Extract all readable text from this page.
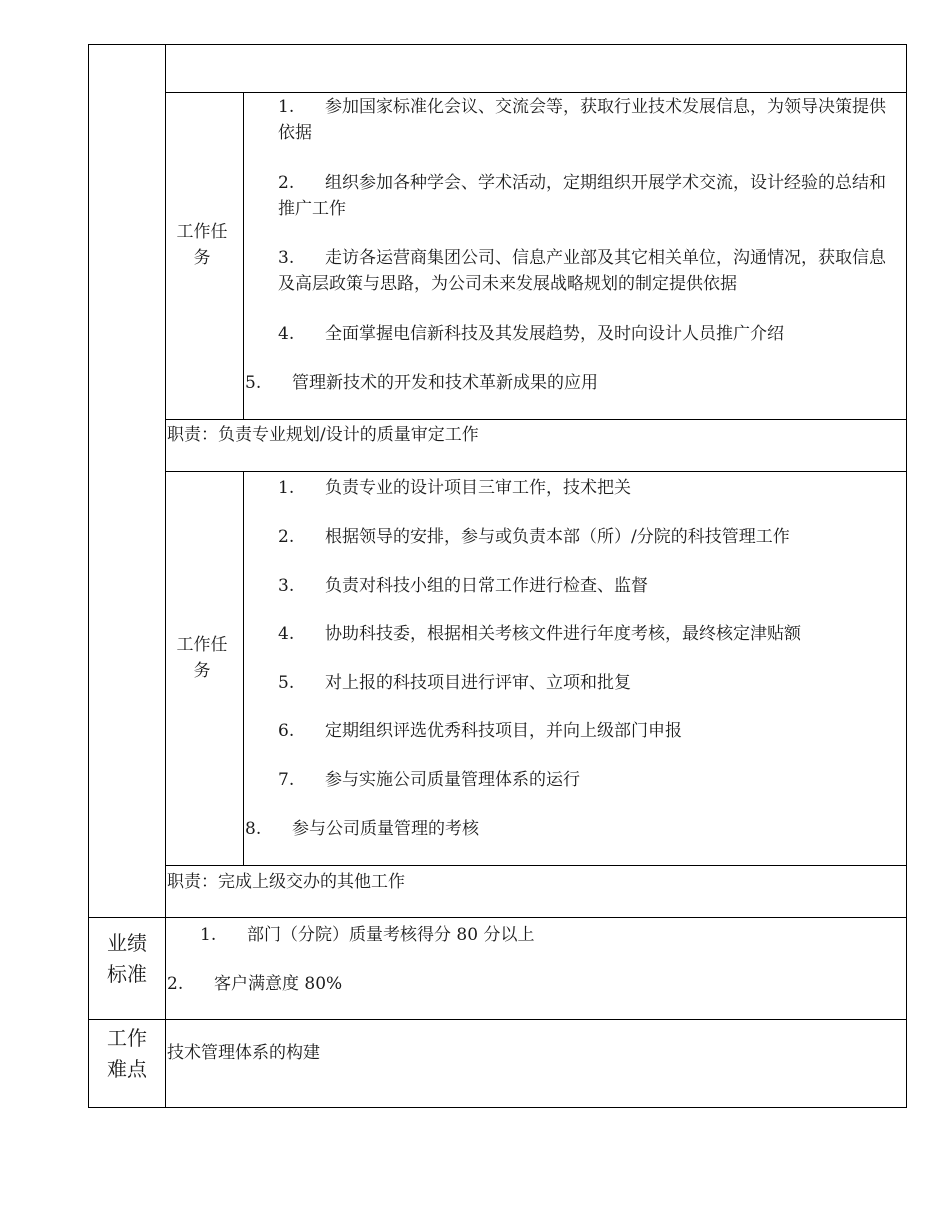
工作任务
1.	参加国家标准化会议、交流会等，获取行业技术发展信息，为领导决策提供依据
2.	组织参加各种学会、学术活动，定期组织开展学术交流，设计经验的总结和推广工作
3.	走访各运营商集团公司、信息产业部及其它相关单位，沟通情况，获取信息及高层政策与思路，为公司未来发展战略规划的制定提供依据
4. 全面掌握电信新科技及其发展趋势，及时向设计人员推广介绍
5. 管理新技术的开发和技术革新成果的应用
职责：负责专业规划/设计的质量审定工作
工作任务
1. 负责专业的设计项目三审工作，技术把关
2. 根据领导的安排，参与或负责本部（所）/分院的科技管理工作
3. 负责对科技小组的日常工作进行检查、监督
4. 协助科技委，根据相关考核文件进行年度考核，最终核定津贴额
5. 对上报的科技项目进行评审、立项和批复
6. 定期组织评选优秀科技项目，并向上级部门申报
7. 参与实施公司质量管理体系的运行
8. 参与公司质量管理的考核
职责：完成上级交办的其他工作
业绩标准
1. 部门（分院）质量考核得分 80 分以上
2. 客户满意度 80%
工作难点
技术管理体系的构建
